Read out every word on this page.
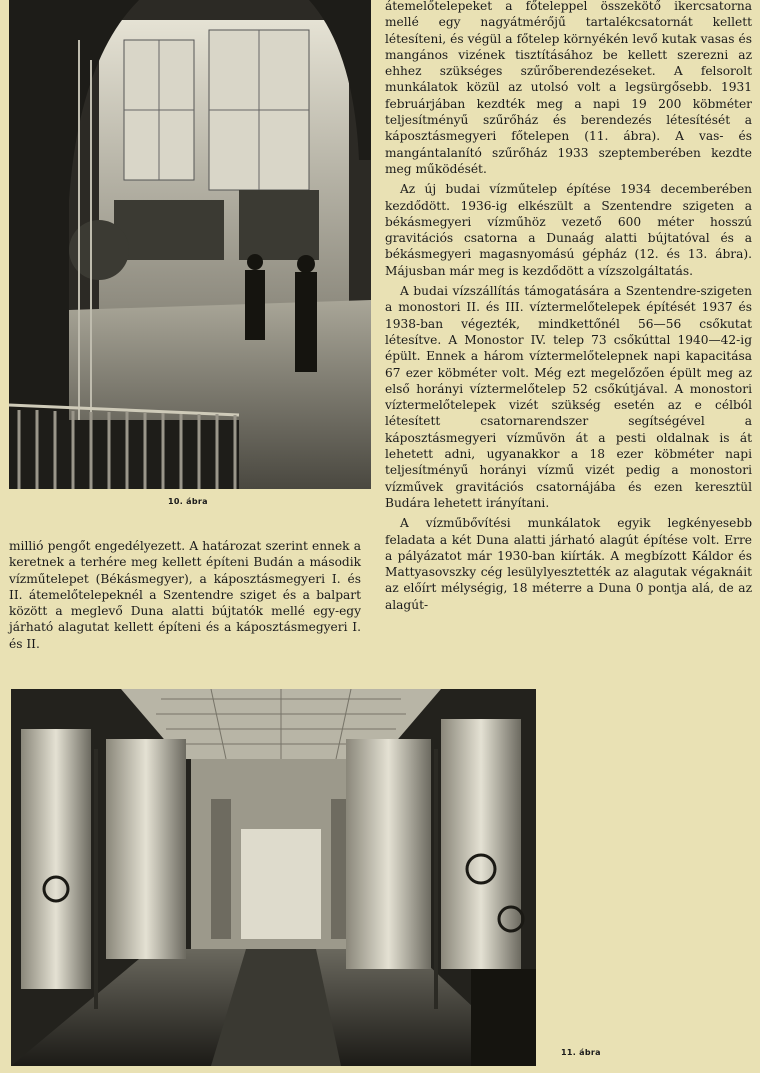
10. ábra

millió pengőt engedélyezett. A határozat szerint ennek a keretnek a terhére meg kellett építeni Budán a második vízműtelepet (Békásmegyer), a káposztásmegyeri I. és II. átemelőtelepeknél a Szentendre sziget és a balpart között a meglevő Duna alatti bújtatók mellé egy-egy járható alagutat kellett építeni és a káposztásmegyeri I. és II.

átemelőtelepeket a főteleppel összekötő ikercsatorna mellé egy nagyátmérőjű tartalékcsatornát kellett létesíteni, és végül a főtelep környékén levő kutak vasas és mangános vizének tisztításához be kellett szerezni az ehhez szükséges szűrőberendezéseket. A felsorolt munkálatok közül az utolsó volt a legsürgősebb. 1931 februárjában kezdték meg a napi 19 200 köbméter teljesítményű szűrőház és berendezés létesítését a káposztásmegyeri főtelepen (11. ábra). A vas- és mangántalanító szűrőház 1933 szeptemberében kezdte meg működését.

Az új budai vízműtelep építése 1934 decemberében kezdődött. 1936-ig elkészült a Szentendre szigeten a békásmegyeri vízműhöz vezető 600 méter hosszú gravitációs csatorna a Dunaág alatti bújtatóval és a békásmegyeri magasnyomású gépház (12. és 13. ábra). Májusban már meg is kezdődött a vízszolgáltatás.

A budai vízszállítás támogatására a Szentendre-szigeten a monostori II. és III. víztermelőtelepek építését 1937 és 1938-ban végezték, mindkettőnél 56—56 csőkutat létesítve. A Monostor IV. telep 73 csőkúttal 1940—42-ig épült. Ennek a három víztermelőtelepnek napi kapacitása 67 ezer köbméter volt. Még ezt megelőzően épült meg az első horányi víztermelőtelep 52 csőkútjával. A monostori víztermelőtelepek vizét szükség esetén az e célból létesített csatornarendszer segítségével a káposztásmegyeri vízművön át a pesti oldalnak is át lehetett adni, ugyanakkor a 18 ezer köbméter napi teljesítményű horányi vízmű vizét pedig a monostori vízművek gravitációs csatornájába és ezen keresztül Budára lehetett irányítani.

A vízműbővítési munkálatok egyik legkényesebb feladata a két Duna alatti járható alagút építése volt. Erre a pályázatot már 1930-ban kiírták. A megbízott Káldor és Mattyasovszky cég lesülylyesztették az alagutak végaknáit az előírt mélységig, 18 méterre a Duna 0 pontja alá, de az alagút-

11. ábra
